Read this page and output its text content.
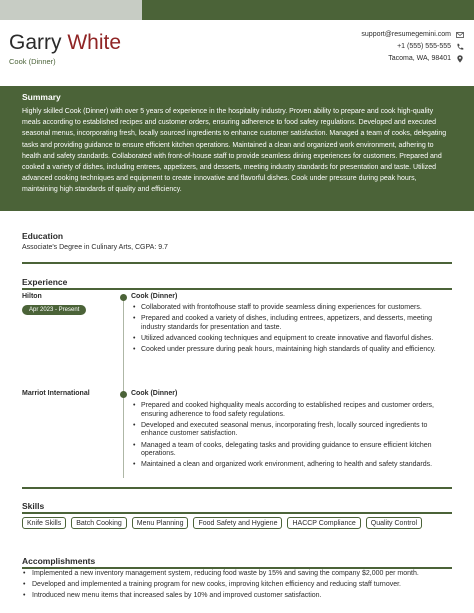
Garry White
Cook (Dinner)
support@resumegemini.com
+1 (555) 555-555
Tacoma, WA, 98401
Summary

Highly skilled Cook (Dinner) with over 5 years of experience in the hospitality industry. Proven ability to prepare and cook high-quality meals according to established recipes and customer orders, ensuring adherence to food safety regulations. Developed and executed seasonal menus, incorporating fresh, locally sourced ingredients to enhance customer satisfaction. Managed a team of cooks, delegating tasks and providing guidance to ensure efficient kitchen operations. Maintained a clean and organized work environment, adhering to health and safety standards. Collaborated with front-of-house staff to provide seamless dining experiences for customers. Prepared and cooked a variety of dishes, including entrees, appetizers, and desserts, meeting industry standards for presentation and taste. Utilized advanced cooking techniques and equipment to create innovative and flavorful dishes. Cook under pressure during peak hours, maintaining high standards of quality and efficiency.

Education
Associate's Degree in Culinary Arts, CGPA: 9.7
Experience
Hilton
Apr 2023 - Present
Cook (Dinner)
• Collaborated with frontofhouse staff to provide seamless dining experiences for customers.
• Prepared and cooked a variety of dishes, including entrees, appetizers, and desserts, meeting industry standards for presentation and taste.
• Utilized advanced cooking techniques and equipment to create innovative and flavorful dishes.
• Cooked under pressure during peak hours, maintaining high standards of quality and efficiency.
Marriot International	Cook (Dinner)
• Prepared and cooked highquality meals according to established recipes and customer orders, ensuring adherence to food safety regulations.
• Developed and executed seasonal menus, incorporating fresh, locally sourced ingredients to enhance customer satisfaction.
• Managed a team of cooks, delegating tasks and providing guidance to ensure efficient kitchen operations.
• Maintained a clean and organized work environment, adhering to health and safety standards.
Skills
Knife Skills	Batch Cooking	Menu Planning	Food Safety and Hygiene	HACCP Compliance	Quality Control
Accomplishments
• Implemented a new inventory management system, reducing food waste by 15% and saving the company $2,000 per month.
• Developed and implemented a training program for new cooks, improving kitchen efficiency and reducing staff turnover.
• Introduced new menu items that increased sales by 10% and improved customer satisfaction.
